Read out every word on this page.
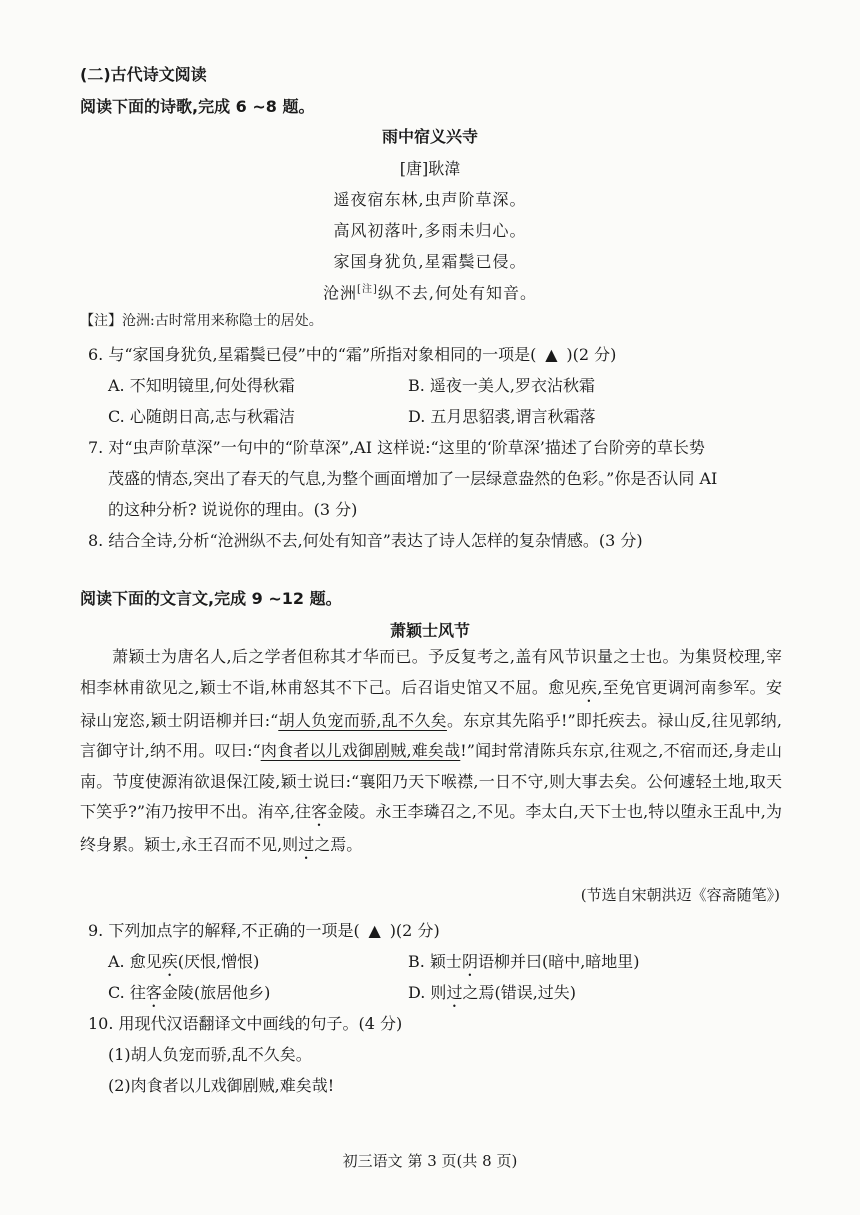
(二)古代诗文阅读
阅读下面的诗歌,完成 6 ~8 题。
雨中宿义兴寺
[唐]耿湋
遥夜宿东林,虫声阶草深。
高风初落叶,多雨未归心。
家国身犹负,星霜鬓已侵。
沧洲[注]纵不去,何处有知音。
【注】沧洲:古时常用来称隐士的居处。
6. 与“家国身犹负,星霜鬓已侵”中的“霜”所指对象相同的一项是( ▲ )(2 分)
A. 不知明镜里,何处得秋霜	B. 遥夜一美人,罗衣沾秋霜
C. 心随朗日高,志与秋霜洁	D. 五月思貂裘,谓言秋霜落
7. 对“虫声阶草深”一句中的“阶草深”,AI 这样说:“这里的‘阶草深’描述了台阶旁的草长势
茂盛的情态,突出了春天的气息,为整个画面增加了一层绿意盎然的色彩。”你是否认同 AI
的这种分析? 说说你的理由。(3 分)
8. 结合全诗,分析“沧洲纵不去,何处有知音”表达了诗人怎样的复杂情感。(3 分)
阅读下面的文言文,完成 9 ~12 题。
萧颖士风节

萧颖士为唐名人,后之学者但称其才华而已。予反复考之,盖有风节识量之士也。为集贤校理,宰相李林甫欲见之,颖士不诣,林甫怒其不下己。后召诣史馆又不屈。愈见疾,至免官更调河南参军。安禄山宠恣,颖士阴语柳并曰:“胡人负宠而骄,乱不久矣。东京其先陷乎!”即托疾去。禄山反,往见郭纳,言御守计,纳不用。叹曰:“肉食者以儿戏御剧贼,难矣哉!”闻封常清陈兵东京,往观之,不宿而还,身走山南。节度使源洧欲退保江陵,颖士说曰:“襄阳乃天下喉襟,一日不守,则大事去矣。公何遽轻土地,取天下笑乎?”洧乃按甲不出。洧卒,往客金陵。永王李璘召之,不见。李太白,天下士也,特以堕永王乱中,为终身累。颖士,永王召而不见,则过之焉。

(节选自宋朝洪迈《容斋随笔》)
9. 下列加点字的解释,不正确的一项是( ▲ )(2 分)
A. 愈见疾(厌恨,憎恨)	B. 颖士阴语柳并曰(暗中,暗地里)
C. 往客金陵(旅居他乡)	D. 则过之焉(错误,过失)
10. 用现代汉语翻译文中画线的句子。(4 分)
(1)胡人负宠而骄,乱不久矣。
(2)肉食者以儿戏御剧贼,难矣哉!
初三语文 第 3 页(共 8 页)
